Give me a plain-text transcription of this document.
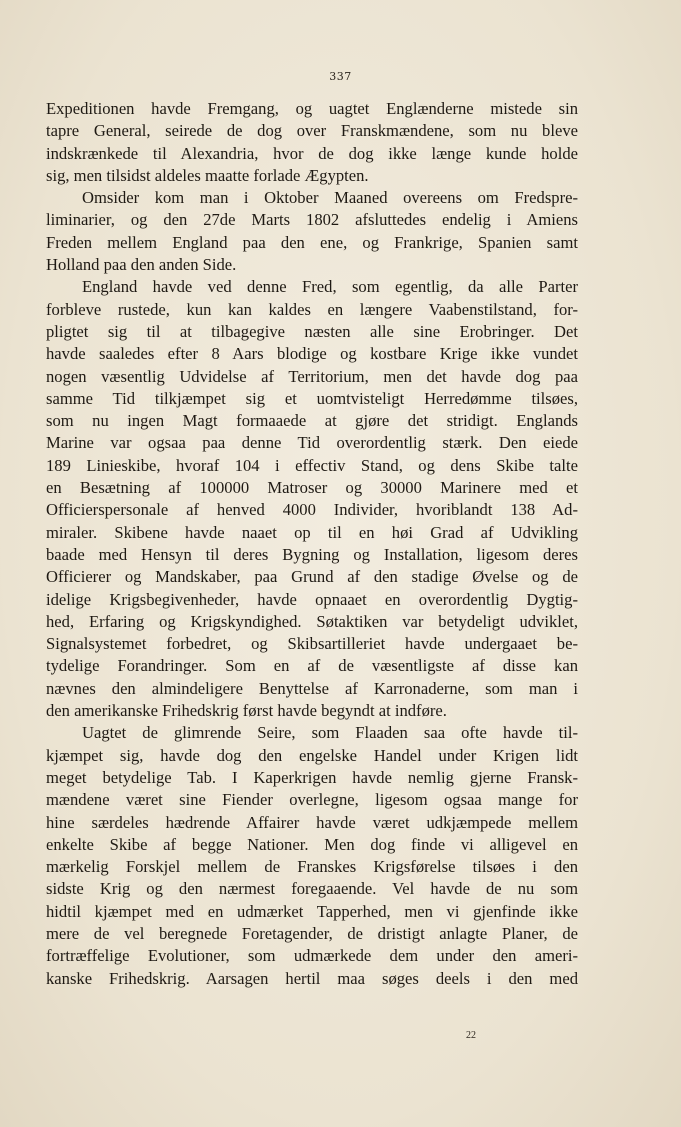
337
Expeditionen havde Fremgang, og uagtet Englænderne mistede sin
tapre General, seirede de dog over Franskmændene, som nu bleve
indskrænkede til Alexandria, hvor de dog ikke længe kunde holde
sig, men tilsidst aldeles maatte forlade Ægypten.
Omsider kom man i Oktober Maaned overeens om Fredspre-
liminarier, og den 27de Marts 1802 afsluttedes endelig i Amiens
Freden mellem England paa den ene, og Frankrige, Spanien samt
Holland paa den anden Side.
England havde ved denne Fred, som egentlig, da alle Parter
forbleve rustede, kun kan kaldes en længere Vaabenstilstand, for-
pligtet sig til at tilbagegive næsten alle sine Erobringer. Det
havde saaledes efter 8 Aars blodige og kostbare Krige ikke vundet
nogen væsentlig Udvidelse af Territorium, men det havde dog paa
samme Tid tilkjæmpet sig et uomtvisteligt Herredømme tilsøes,
som nu ingen Magt formaaede at gjøre det stridigt. Englands
Marine var ogsaa paa denne Tid overordentlig stærk. Den eiede
189 Linieskibe, hvoraf 104 i effectiv Stand, og dens Skibe talte
en Besætning af 100000 Matroser og 30000 Marinere med et
Officierspersonale af henved 4000 Individer, hvoriblandt 138 Ad-
miraler. Skibene havde naaet op til en høi Grad af Udvikling
baade med Hensyn til deres Bygning og Installation, ligesom deres
Officierer og Mandskaber, paa Grund af den stadige Øvelse og de
idelige Krigsbegivenheder, havde opnaaet en overordentlig Dygtig-
hed, Erfaring og Krigskyndighed. Søtaktiken var betydeligt udviklet,
Signalsystemet forbedret, og Skibsartilleriet havde undergaaet be-
tydelige Forandringer. Som en af de væsentligste af disse kan
nævnes den almindeligere Benyttelse af Karronaderne, som man i
den amerikanske Frihedskrig først havde begyndt at indføre.
Uagtet de glimrende Seire, som Flaaden saa ofte havde til-
kjæmpet sig, havde dog den engelske Handel under Krigen lidt
meget betydelige Tab. I Kaperkrigen havde nemlig gjerne Fransk-
mændene været sine Fiender overlegne, ligesom ogsaa mange for
hine særdeles hædrende Affairer havde været udkjæmpede mellem
enkelte Skibe af begge Nationer. Men dog finde vi alligevel en
mærkelig Forskjel mellem de Franskes Krigsførelse tilsøes i den
sidste Krig og den nærmest foregaaende. Vel havde de nu som
hidtil kjæmpet med en udmærket Tapperhed, men vi gjenfinde ikke
mere de vel beregnede Foretagender, de dristigt anlagte Planer, de
fortræffelige Evolutioner, som udmærkede dem under den ameri-
kanske Frihedskrig. Aarsagen hertil maa søges deels i den med
22
